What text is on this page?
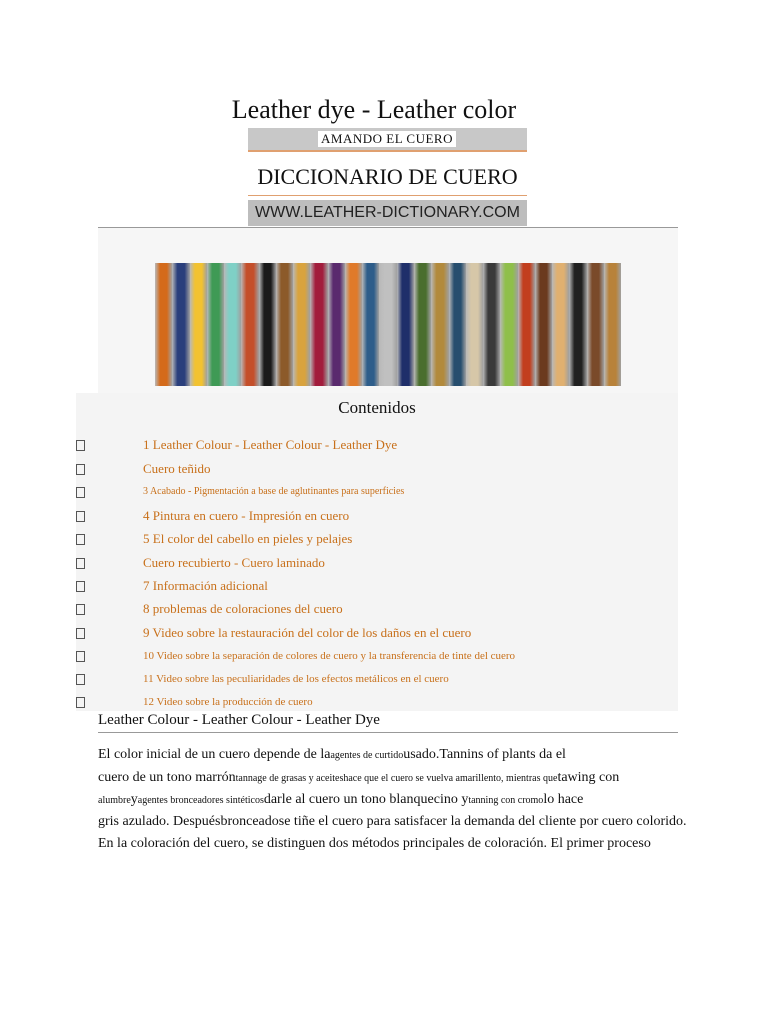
Leather dye - Leather color
AMANDO EL CUERO
DICCIONARIO DE CUERO
WWW.LEATHER-DICTIONARY.COM
Contenidos
1 Leather Colour - Leather Colour - Leather Dye
Cuero teñido
3 Acabado - Pigmentación a base de aglutinantes para superficies
4 Pintura en cuero - Impresión en cuero
5 El color del cabello en pieles y pelajes
Cuero recubierto - Cuero laminado
7 Información adicional
8 problemas de coloraciones del cuero
9 Video sobre la restauración del color de los daños en el cuero
10 Video sobre la separación de colores de cuero y la transferencia de tinte del cuero
11 Video sobre las peculiaridades de los efectos metálicos en el cuero
12 Video sobre la producción de cuero
Leather Colour - Leather Colour - Leather Dye
El color inicial de un cuero depende de laagentes de curtidousado.Tannins of plants da el
cuero de un tono marróntannage de grasas y aceiteshace que el cuero se vuelva amarillento, mientras quetawing con
alumbreyagentes bronceadores sintéticosdarle al cuero un tono blanquecino ytanning con cromolo hace
gris azulado. Despuésbronceadose tiñe el cuero para satisfacer la demanda del cliente por cuero colorido.
En la coloración del cuero, se distinguen dos métodos principales de coloración. El primer proceso
